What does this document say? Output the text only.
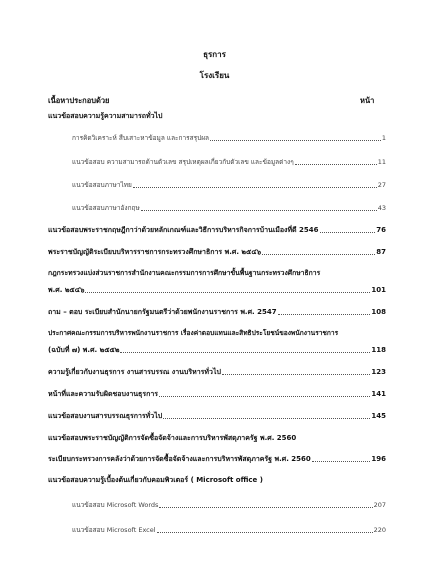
ธุรการ
โรงเรียน
เนื้อหาประกอบด้วย	หน้า
แนวข้อสอบความรู้ความสามารถทั่วไป
การคิดวิเคราะห์ สืบเสาะหาข้อมูล และการสรุปผล	1
แนวข้อสอบ ความสามารถด้านตัวเลข สรุปเหตุผลเกี่ยวกับตัวเลข และข้อมูลต่างๆ	11
แนวข้อสอบภาษาไทย	27
แนวข้อสอบภาษาอังกฤษ	43
แนวข้อสอบพระราชกฤษฎีกาว่าด้วยหลักเกณฑ์และวิธีการบริหารกิจการบ้านเมืองที่ดี 2546	76
พระราชบัญญัติระเบียบบริหารราชการกระทรวงศึกษาธิการ พ.ศ. ๒๕๔๖	87
กฎกระทรวงแบ่งส่วนราชการสำนักงานคณะกรรมการการศึกษาขั้นพื้นฐานกระทรวงศึกษาธิการ
พ.ศ. ๒๕๔๖	101
ถาม – ตอบ ระเบียบสำนักนายกรัฐมนตรีว่าด้วยพนักงานราชการ พ.ศ. 2547	108
ประกาศคณะกรรมการบริหารพนักงานราชการ เรื่องค่าตอบแทนและสิทธิประโยชน์ของพนักงานราชการ
(ฉบับที่ ๗) พ.ศ. ๒๕๕๒	118
ความรู้เกี่ยวกับงานธุรการ งานสารบรรณ งานบริหารทั่วไป	123
หน้าที่และความรับผิดชอบงานธุรการ	141
แนวข้อสอบงานสารบรรณธุรการทั่วไป	145
แนวข้อสอบพระราชบัญญัติการจัดซื้อจัดจ้างและการบริหารพัสดุภาครัฐ พ.ศ. 2560
ระเบียบกระทรวงการคลังว่าด้วยการจัดซื้อจัดจ้างและการบริหารพัสดุภาครัฐ พ.ศ. 2560	196
แนวข้อสอบความรู้เบื้องต้นเกี่ยวกับคอมพิวเตอร์ ( Microsoft office )
แนวข้อสอบ Microsoft Words	207
แนวข้อสอบ Microsoft Excel	220
